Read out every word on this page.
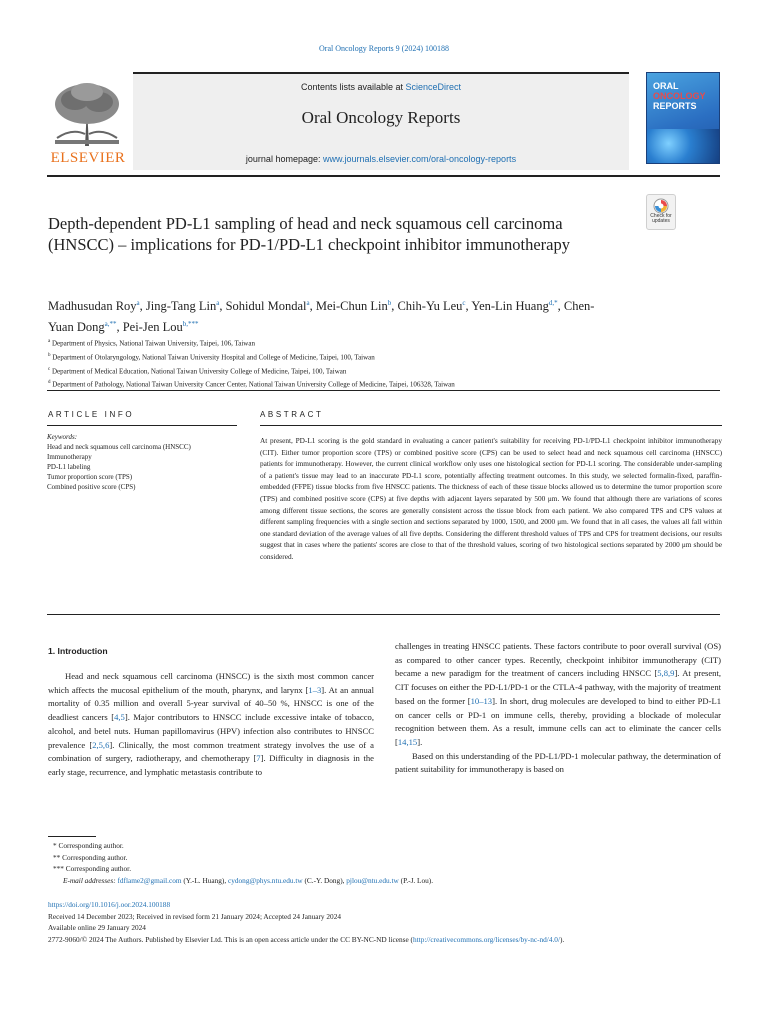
Oral Oncology Reports 9 (2024) 100188
ELSEVIER
Contents lists available at ScienceDirect
Oral Oncology Reports
journal homepage: www.journals.elsevier.com/oral-oncology-reports
ORAL
ONCOLOGY
REPORTS
Depth-dependent PD-L1 sampling of head and neck squamous cell carcinoma (HNSCC) – implications for PD-1/PD-L1 checkpoint inhibitor immunotherapy
Check for
updates
Madhusudan Roy$^a$, Jing-Tang Lin$^a$, Sohidul Mondal$^a$, Mei-Chun Lin$^b$, Chih-Yu Leu$^c$, Yen-Lin Huang$^{d,*}$, Chen-Yuan Dong$^{a,**}$, Pei-Jen Lou$^{b,***}$
$^a$ Department of Physics, National Taiwan University, Taipei, 106, Taiwan
$^b$ Department of Otolaryngology, National Taiwan University Hospital and College of Medicine, Taipei, 100, Taiwan
$^c$ Department of Medical Education, National Taiwan University College of Medicine, Taipei, 100, Taiwan
$^d$ Department of Pathology, National Taiwan University Cancer Center, National Taiwan University College of Medicine, Taipei, 106328, Taiwan
ARTICLE INFO	ABSTRACT
Keywords:
Head and neck squamous cell carcinoma (HNSCC)
Immunotherapy
PD-L1 labeling
Tumor proportion score (TPS)
Combined positive score (CPS)
At present, PD-L1 scoring is the gold standard in evaluating a cancer patient's suitability for receiving PD-1/PD-L1 checkpoint inhibitor immunotherapy (CIT). Either tumor proportion score (TPS) or combined positive score (CPS) can be used to select head and neck squamous cell carcinoma (HNSCC) patients for immunotherapy. However, the current clinical workflow only uses one histological section for PD-L1 scoring. The considerable under-sampling of a patient's tissue may lead to an inaccurate PD-L1 score, potentially affecting treatment outcomes. In this study, we selected formalin-fixed, paraffin-embedded (FFPE) tissue blocks from five HNSCC patients. The thickness of each of these tissue blocks allowed us to determine the tumor proportion score (TPS) and combined positive score (CPS) at five depths with adjacent layers separated by 500 μm. We found that although there are variations of scores among different tissue sections, the scores are generally consistent across the tissue block from each patient. We also compared TPS and CPS values at different sampling frequencies with a single section and sections separated by 1000, 1500, and 2000 μm. We found that in all cases, the values all fall within one standard deviation of the average values of all five depths. Considering the different threshold values of TPS and CPS for treatment decisions, our results suggest that in cases where the patients' scores are close to that of the threshold values, scoring of two histological sections separated by 2000 μm should be considered.
1. Introduction

Head and neck squamous cell carcinoma (HNSCC) is the sixth most common cancer which affects the mucosal epithelium of the mouth, pharynx, and larynx [1–3]. At an annual mortality of 0.35 million and overall 5-year survival of 40–50 %, HNSCC is one of the deadliest cancers [4,5]. Major contributors to HNSCC include excessive intake of tobacco, alcohol, and betel nuts. Human papillomavirus (HPV) infection also contributes to HNSCC prevalence [2,5,6]. Clinically, the most common treatment strategy involves the use of a combination of surgery, radiotherapy, and chemotherapy [7]. Difficulty in diagnosis in the early stage, recurrence, and lymphatic metastasis contribute to

challenges in treating HNSCC patients. These factors contribute to poor overall survival (OS) as compared to other cancer types. Recently, checkpoint inhibitor immunotherapy (CIT) became a new paradigm for the treatment of cancers including HNSCC [5,8,9]. At present, CIT focuses on either the PD-L1/PD-1 or the CTLA-4 pathway, with the majority of treatment based on the former [10–13]. In short, drug molecules are developed to bind to either PD-L1 on cancer cells or PD-1 on immune cells, thereby, providing a blockade of molecular recognition between them. As a result, immune cells can act to eliminate the cancer cells [14,15].

Based on this understanding of the PD-L1/PD-1 molecular pathway, the determination of patient suitability for immunotherapy is based on

* Corresponding author.
** Corresponding author.
*** Corresponding author.
E-mail addresses: fdflame2@gmail.com (Y.-L. Huang), cydong@phys.ntu.edu.tw (C.-Y. Dong), pjlou@ntu.edu.tw (P.-J. Lou).
https://doi.org/10.1016/j.oor.2024.100188
Received 14 December 2023; Received in revised form 21 January 2024; Accepted 24 January 2024
Available online 29 January 2024
2772-9060/© 2024 The Authors. Published by Elsevier Ltd. This is an open access article under the CC BY-NC-ND license (http://creativecommons.org/licenses/by-nc-nd/4.0/).
